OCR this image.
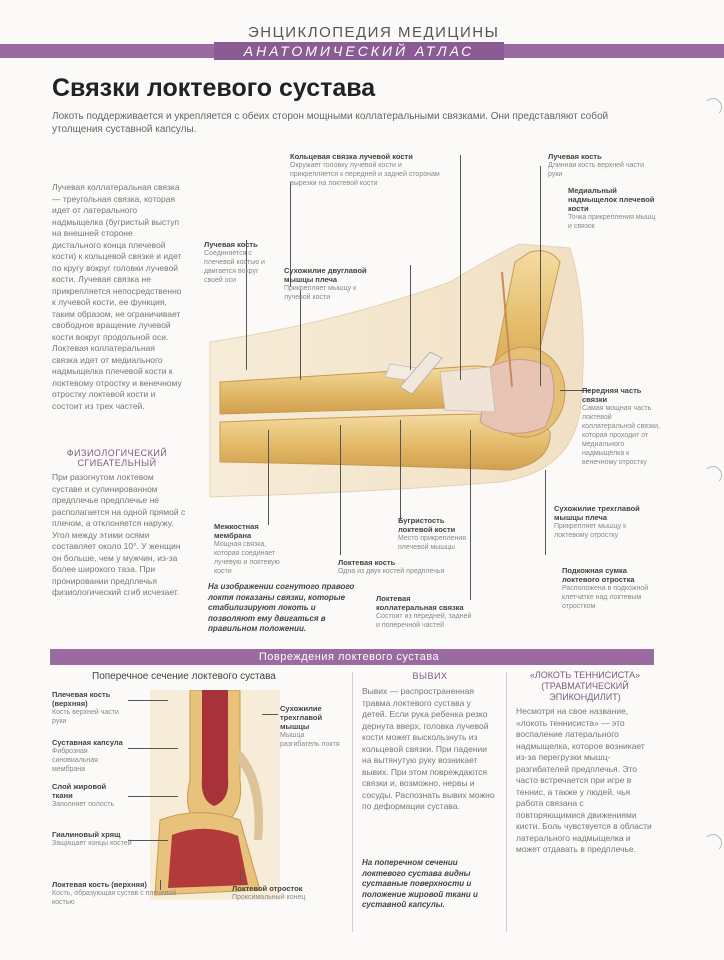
ЭНЦИКЛОПЕДИЯ МЕДИЦИНЫ
АНАТОМИЧЕСКИЙ АТЛАС
Связки локтевого сустава
Локоть поддерживается и укрепляется с обеих сторон мощными коллатеральными связками. Они представляют собой утолщения суставной капсулы.
Лучевая коллатеральная связка — треугольная связка, которая идет от латерального надмыщелка (бугристый выступ на внешней стороне дистального конца плечевой кости) к кольцевой связке и идет по кругу вокруг головки лучевой кости. Лучевая связка не прикрепляется непосредственно к лучевой кости, ее функция, таким образом, не ограничивает свободное вращение лучевой кости вокруг продольной оси. Локтевая коллатеральная связка идет от медиального надмыщелка плечевой кости к локтевому отростку и венечному отростку локтевой кости и состоит из трех частей.
ФИЗИОЛОГИЧЕСКИЙ СГИБАТЕЛЬНЫЙ
При разогнутом локтевом суставе и супинированном предплечье предплечье не располагается на одной прямой с плечом, а отклоняется наружу. Угол между этими осями составляет около 10°. У женщин он больше, чем у мужчин, из-за более широкого таза. При пронировании предплечья физиологический сгиб исчезает.
Кольцевая связка лучевой кости
Окружает головку лучевой кости и прикрепляется к передней и задней сторонам вырезки на локтевой кости
Лучевая кость
Длинная кость верхней части руки
Медиальный надмыщелок плечевой кости
Точка прикрепления мышц и связок
Лучевая кость
Соединяется с плечевой костью и двигается вокруг своей оси
Сухожилие двуглавой мышцы плеча
Прикрепляет мышцу к лучевой кости
Передняя часть связки
Самая мощная часть локтевой коллатеральной связки, которая проходит от медиального надмыщелка к венечному отростку
Межкостная мембрана
Мощная связка, которая соединяет лучевую и локтевую кости
Бугристость локтевой кости
Место прикрепления плечевой мышцы
Локтевая кость
Одна из двух костей предплечья
Локтевая коллатеральная связка
Состоит из передней, задней и поперечной частей
Сухожилие трехглавой мышцы плеча
Прикрепляет мышцу к локтевому отростку
Подкожная сумка локтевого отростка
Расположена в подкожной клетчатке над локтевым отростком
На изображении согнутого правого локтя показаны связки, которые стабилизируют локоть и позволяют ему двигаться в правильном положении.
Повреждения локтевого сустава
Поперечное сечение локтевого сустава
Плечевая кость (верхняя)
Кость верхней части руки
Суставная капсула
Фиброзная синовиальная мембрана
Слой жировой ткани
Заполняет полость
Гиалиновый хрящ
Защищает концы костей
Локтевая кость (верхняя)
Кость, образующая сустав с плечевой костью
Сухожилие трехглавой мышцы
Мышца разгибатель локтя
Локтевой отросток
Проксимальный конец
ВЫВИХ
Вывих — распространенная травма локтевого сустава у детей. Если рука ребенка резко дернута вверх, головка лучевой кости может выскользнуть из кольцевой связки. При падении на вытянутую руку возникает вывих. При этом повреждаются связки и, возможно, нервы и сосуды. Распознать вывих можно по деформации сустава.
На поперечном сечении локтевого сустава видны суставные поверхности и положение жировой ткани и суставной капсулы.
«ЛОКОТЬ ТЕННИСИСТА» (ТРАВМАТИЧЕСКИЙ ЭПИКОНДИЛИТ)
Несмотря на свое название, «локоть теннисиста» — это воспаление латерального надмыщелка, которое возникает из-за перегрузки мышц-разгибателей предплечья. Это часто встречается при игре в теннис, а также у людей, чья работа связана с повторяющимися движениями кисти. Боль чувствуется в области латерального надмыщелка и может отдавать в предплечье.
